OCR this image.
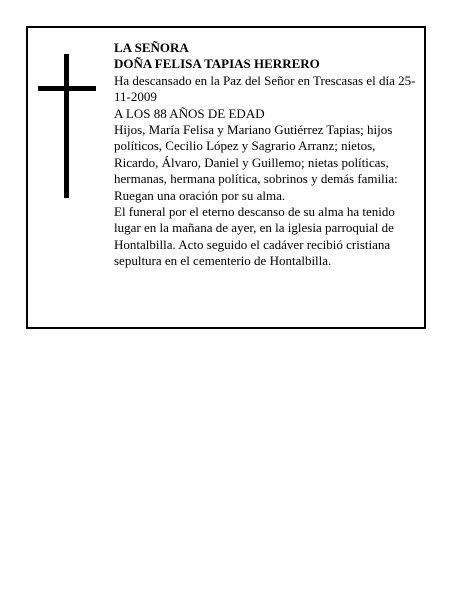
LA SEÑORA

DOÑA FELISA TAPIAS HERRERO

Ha descansado en la Paz del Señor en Trescasas el día 25-11-2009

A LOS 88 AÑOS DE EDAD

Hijos, María Felisa y Mariano Gutiérrez Tapias; hijos políticos, Cecilio López y Sagrario Arranz; nietos, Ricardo, Álvaro, Daniel y Guillemo; nietas políticas, hermanas, hermana política, sobrinos y demás familia:

Ruegan una oración por su alma.

El funeral por el eterno descanso de su alma ha tenido lugar en la mañana de ayer, en la iglesia parroquial de Hontalbilla. Acto seguido el cadáver recibió cristiana sepultura en el cementerio de Hontalbilla.
